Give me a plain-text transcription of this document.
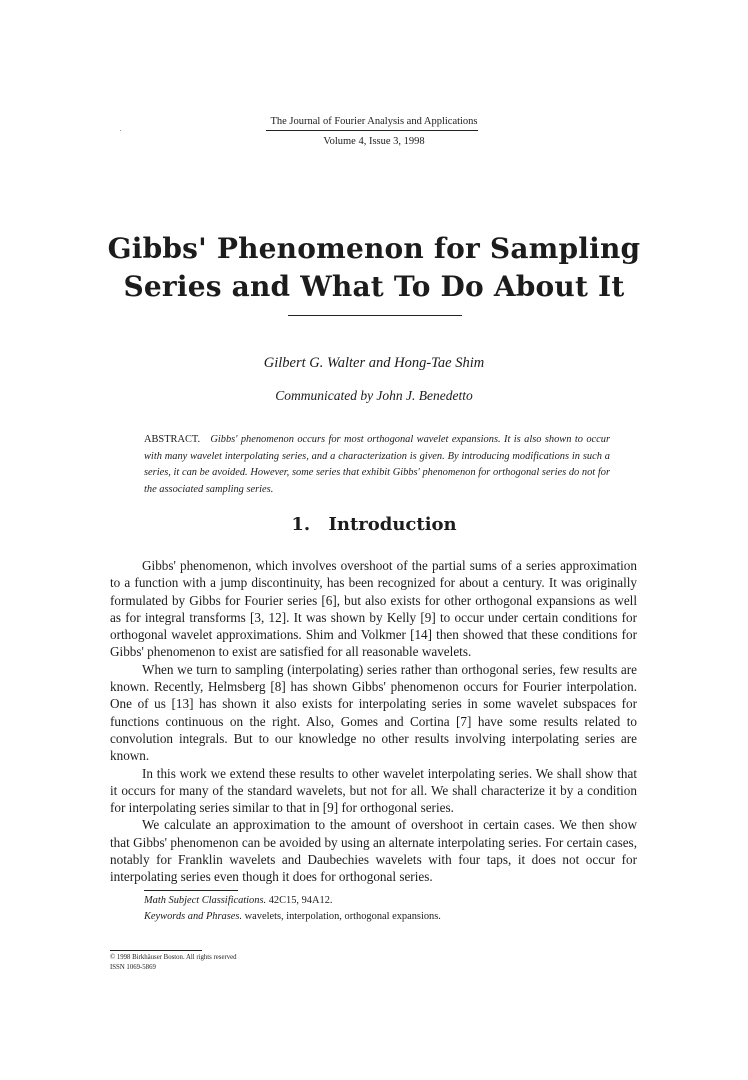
The Journal of Fourier Analysis and Applications
Volume 4, Issue 3, 1998
Gibbs' Phenomenon for Sampling
Series and What To Do About It
Gilbert G. Walter and Hong-Tae Shim
Communicated by John J. Benedetto
ABSTRACT. Gibbs' phenomenon occurs for most orthogonal wavelet expansions. It is also shown to occur with many wavelet interpolating series, and a characterization is given. By introducing modifications in such a series, it can be avoided. However, some series that exhibit Gibbs' phenomenon for orthogonal series do not for the associated sampling series.
1. Introduction

Gibbs' phenomenon, which involves overshoot of the partial sums of a series approximation to a function with a jump discontinuity, has been recognized for about a century. It was originally formulated by Gibbs for Fourier series [6], but also exists for other orthogonal expansions as well as for integral transforms [3, 12]. It was shown by Kelly [9] to occur under certain conditions for orthogonal wavelet approximations. Shim and Volkmer [14] then showed that these conditions for Gibbs' phenomenon to exist are satisfied for all reasonable wavelets.

When we turn to sampling (interpolating) series rather than orthogonal series, few results are known. Recently, Helmsberg [8] has shown Gibbs' phenomenon occurs for Fourier interpolation. One of us [13] has shown it also exists for interpolating series in some wavelet subspaces for functions continuous on the right. Also, Gomes and Cortina [7] have some results related to convolution integrals. But to our knowledge no other results involving interpolating series are known.

In this work we extend these results to other wavelet interpolating series. We shall show that it occurs for many of the standard wavelets, but not for all. We shall characterize it by a condition for interpolating series similar to that in [9] for orthogonal series.

We calculate an approximation to the amount of overshoot in certain cases. We then show that Gibbs' phenomenon can be avoided by using an alternate interpolating series. For certain cases, notably for Franklin wavelets and Daubechies wavelets with four taps, it does not occur for interpolating series even though it does for orthogonal series.

Math Subject Classifications. 42C15, 94A12.
Keywords and Phrases. wavelets, interpolation, orthogonal expansions.
© 1998 Birkhäuser Boston. All rights reserved
ISSN 1069-5869
